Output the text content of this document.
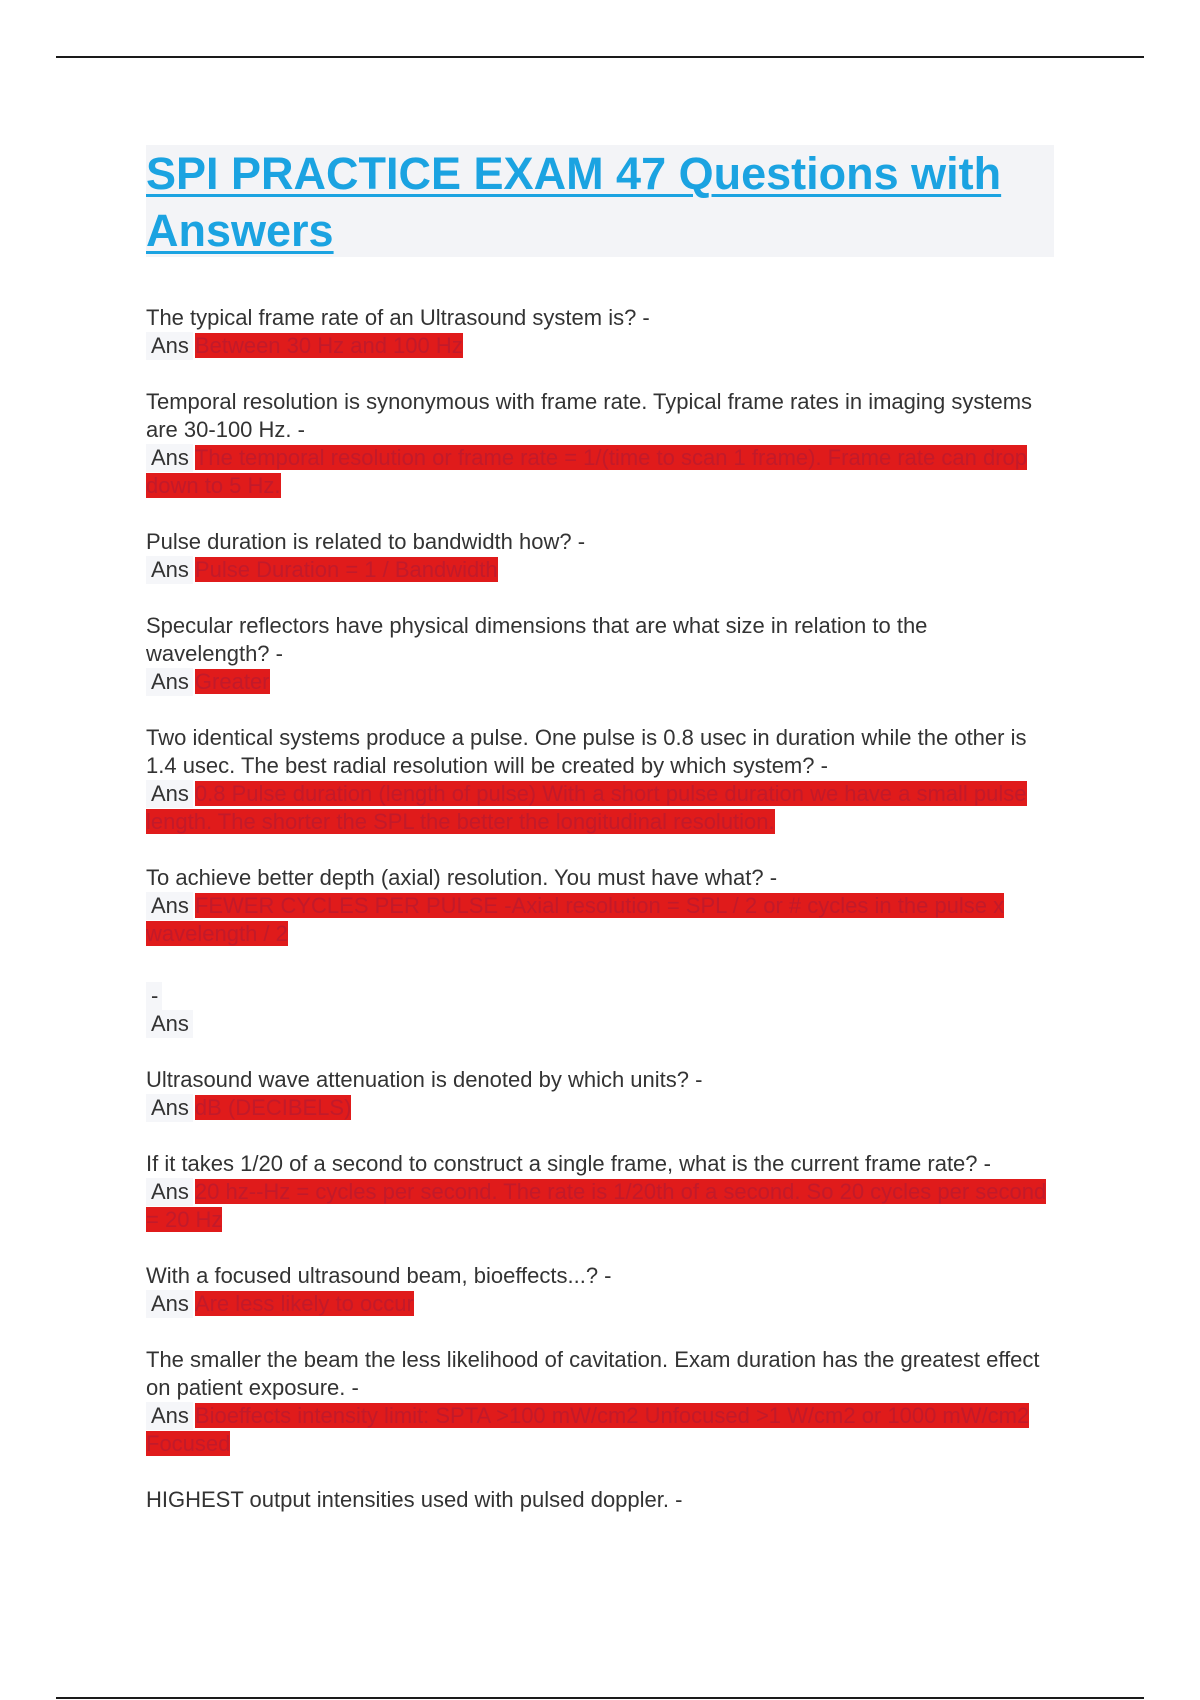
SPI PRACTICE EXAM 47 Questions with Answers

The typical frame rate of an Ultrasound system is? -

Ans Between 30 Hz and 100 Hz

Temporal resolution is synonymous with frame rate. Typical frame rates in imaging systems are 30-100 Hz. -

Ans The temporal resolution or frame rate = 1/(time to scan 1 frame). Frame rate can drop down to 5 Hz.

Pulse duration is related to bandwidth how? -

Ans Pulse Duration = 1 / Bandwidth

Specular reflectors have physical dimensions that are what size in relation to the wavelength? -

Ans Greater

Two identical systems produce a pulse. One pulse is 0.8 usec in duration while the other is 1.4 usec. The best radial resolution will be created by which system? -

Ans 0.8 Pulse duration (length of pulse) With a short pulse duration we have a small pulse length. The shorter the SPL the better the longitudinal resolution.

To achieve better depth (axial) resolution. You must have what? -

Ans FEWER CYCLES PER PULSE -Axial resolution = SPL / 2 or # cycles in the pulse x wavelength / 2

-

Ans

Ultrasound wave attenuation is denoted by which units? -

Ans dB (DECIBELS)

If it takes 1/20 of a second to construct a single frame, what is the current frame rate? -

Ans 20 hz--Hz = cycles per second. The rate is 1/20th of a second. So 20 cycles per second = 20 Hz

With a focused ultrasound beam, bioeffects...? -

Ans Are less likely to occur

The smaller the beam the less likelihood of cavitation. Exam duration has the greatest effect on patient exposure. -

Ans Bioeffects intensity limit: SPTA >100 mW/cm2 Unfocused >1 W/cm2 or 1000 mW/cm2 Focused

HIGHEST output intensities used with pulsed doppler. -
